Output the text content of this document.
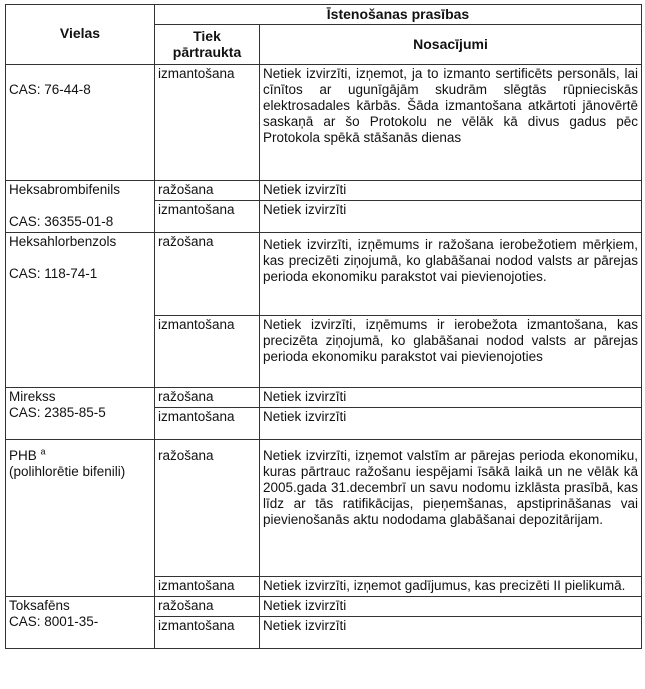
Vielas	Īstenošanas prasības	
	Tiek pārtraukta	Nosacījumi

CAS: 76-44-8	izmantošana	Netiek izvirzīti, izņemot, ja to izmanto sertificēts personāls, lai cīnītos ar ugunīgājām skudrām slēgtās rūpnieciskās elektrosadales kārbās. Šāda izmantošana atkārtoti jānovērtē saskaņā ar šo Protokolu ne vēlāk kā divus gadus pēc Protokola spēkā stāšanās dienas

Heksabrombifenils
CAS: 36355-01-8	ražošana	Netiek izvirzīti
	izmantošana	Netiek izvirzīti

Heksahlorbenzols
CAS: 118-74-1	ražošana	Netiek izvirzīti, izņēmums ir ražošana ierobežotiem mērķiem, kas precizēti ziņojumā, ko glabāšanai nodod valsts ar pārejas perioda ekonomiku parakstot vai pievienojoties.
	izmantošana	Netiek izvirzīti, izņēmums ir ierobežota izmantošana, kas precizēta ziņojumā, ko glabāšanai nodod valsts ar pārejas perioda ekonomiku parakstot vai pievienojoties

Mirekss
CAS: 2385-85-5	ražošana	Netiek izvirzīti
	izmantošana	Netiek izvirzīti

PHB $^a$
(polihlorētie bifenili)	ražošana	Netiek izvirzīti, izņemot valstīm ar pārejas perioda ekonomiku, kuras pārtrauc ražošanu iespējami īsākā laikā un ne vēlāk kā 2005.gada 31.decembrī un savu nodomu izklāsta prasībā, kas līdz ar tās ratifikācijas, pieņemšanas, apstiprināšanas vai pievienošanās aktu nododama glabāšanai depozitārijam.
	izmantošana	Netiek izvirzīti, izņemot gadījumus, kas precizēti II pielikumā.

Toksafēns
CAS: 8001-35-	ražošana	Netiek izvirzīti
	izmantošana	Netiek izvirzīti
